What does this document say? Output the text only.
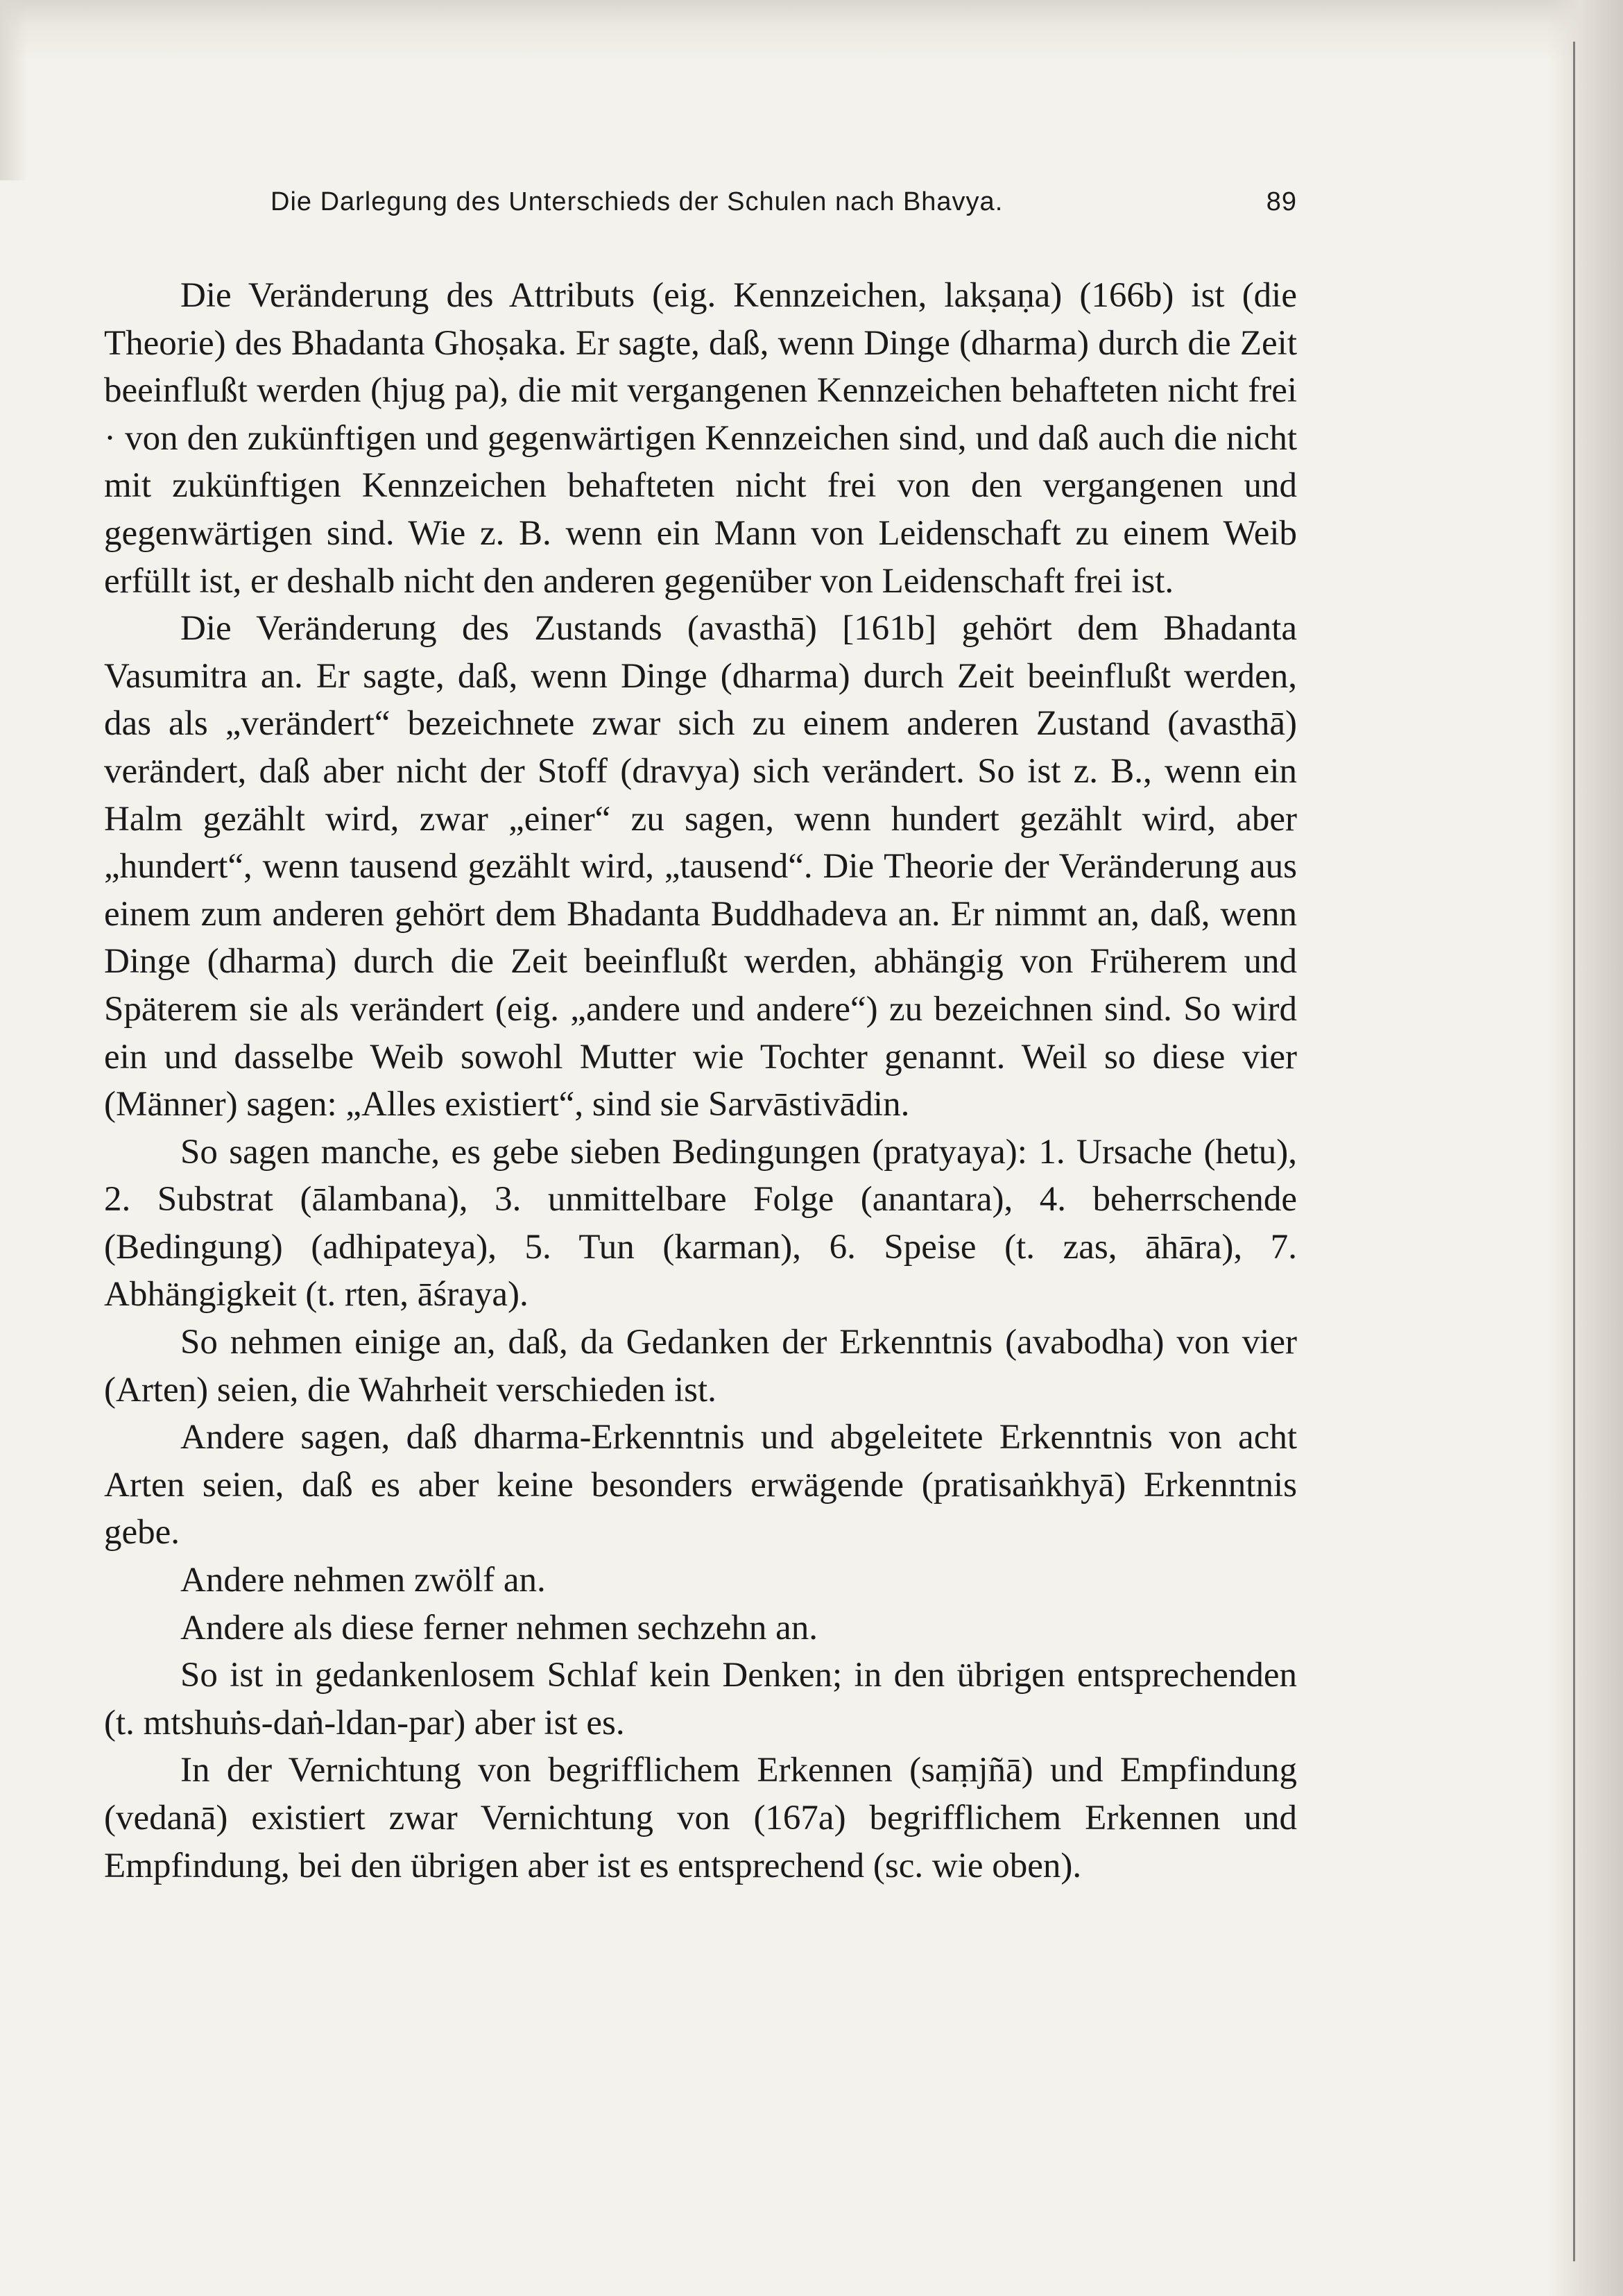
Die Darlegung des Unterschieds der Schulen nach Bhavya.	89

Die Veränderung des Attributs (eig. Kennzeichen, lakṣaṇa) (166b) ist (die Theorie) des Bhadanta Ghoṣaka. Er sagte, daß, wenn Dinge (dharma) durch die Zeit beeinflußt werden (hjug pa), die mit vergangenen Kennzeichen behafteten nicht frei · von den zukünftigen und gegenwärtigen Kennzeichen sind, und daß auch die nicht mit zukünftigen Kennzeichen behafteten nicht frei von den vergangenen und gegenwärtigen sind. Wie z. B. wenn ein Mann von Leidenschaft zu einem Weib erfüllt ist, er deshalb nicht den anderen gegenüber von Leidenschaft frei ist.

Die Veränderung des Zustands (avasthā) [161b] gehört dem Bhadanta Vasumitra an. Er sagte, daß, wenn Dinge (dharma) durch Zeit beeinflußt werden, das als „verändert“ bezeichnete zwar sich zu einem anderen Zustand (avasthā) verändert, daß aber nicht der Stoff (dravya) sich verändert. So ist z. B., wenn ein Halm gezählt wird, zwar „einer“ zu sagen, wenn hundert gezählt wird, aber „hundert“, wenn tausend gezählt wird, „tausend“. Die Theorie der Veränderung aus einem zum anderen gehört dem Bhadanta Buddhadeva an. Er nimmt an, daß, wenn Dinge (dharma) durch die Zeit beeinflußt werden, abhängig von Früherem und Späterem sie als verändert (eig. „andere und andere“) zu bezeichnen sind. So wird ein und dasselbe Weib sowohl Mutter wie Tochter genannt. Weil so diese vier (Männer) sagen: „Alles existiert“, sind sie Sarvāstivādin.

So sagen manche, es gebe sieben Bedingungen (pratyaya): 1. Ursache (hetu), 2. Substrat (ālambana), 3. unmittelbare Folge (anantara), 4. beherrschende (Bedingung) (adhipateya), 5. Tun (karman), 6. Speise (t. zas, āhāra), 7. Abhängigkeit (t. rten, āśraya).

So nehmen einige an, daß, da Gedanken der Erkenntnis (avabodha) von vier (Arten) seien, die Wahrheit verschieden ist.

Andere sagen, daß dharma-Erkenntnis und abgeleitete Erkenntnis von acht Arten seien, daß es aber keine besonders erwägende (pratisaṅkhyā) Erkenntnis gebe.

Andere nehmen zwölf an.

Andere als diese ferner nehmen sechzehn an.

So ist in gedankenlosem Schlaf kein Denken; in den übrigen entsprechenden (t. mtshuṅs-daṅ-ldan-par) aber ist es.

In der Vernichtung von begrifflichem Erkennen (saṃjñā) und Empfindung (vedanā) existiert zwar Vernichtung von (167a) begrifflichem Erkennen und Empfindung, bei den übrigen aber ist es entsprechend (sc. wie oben).
